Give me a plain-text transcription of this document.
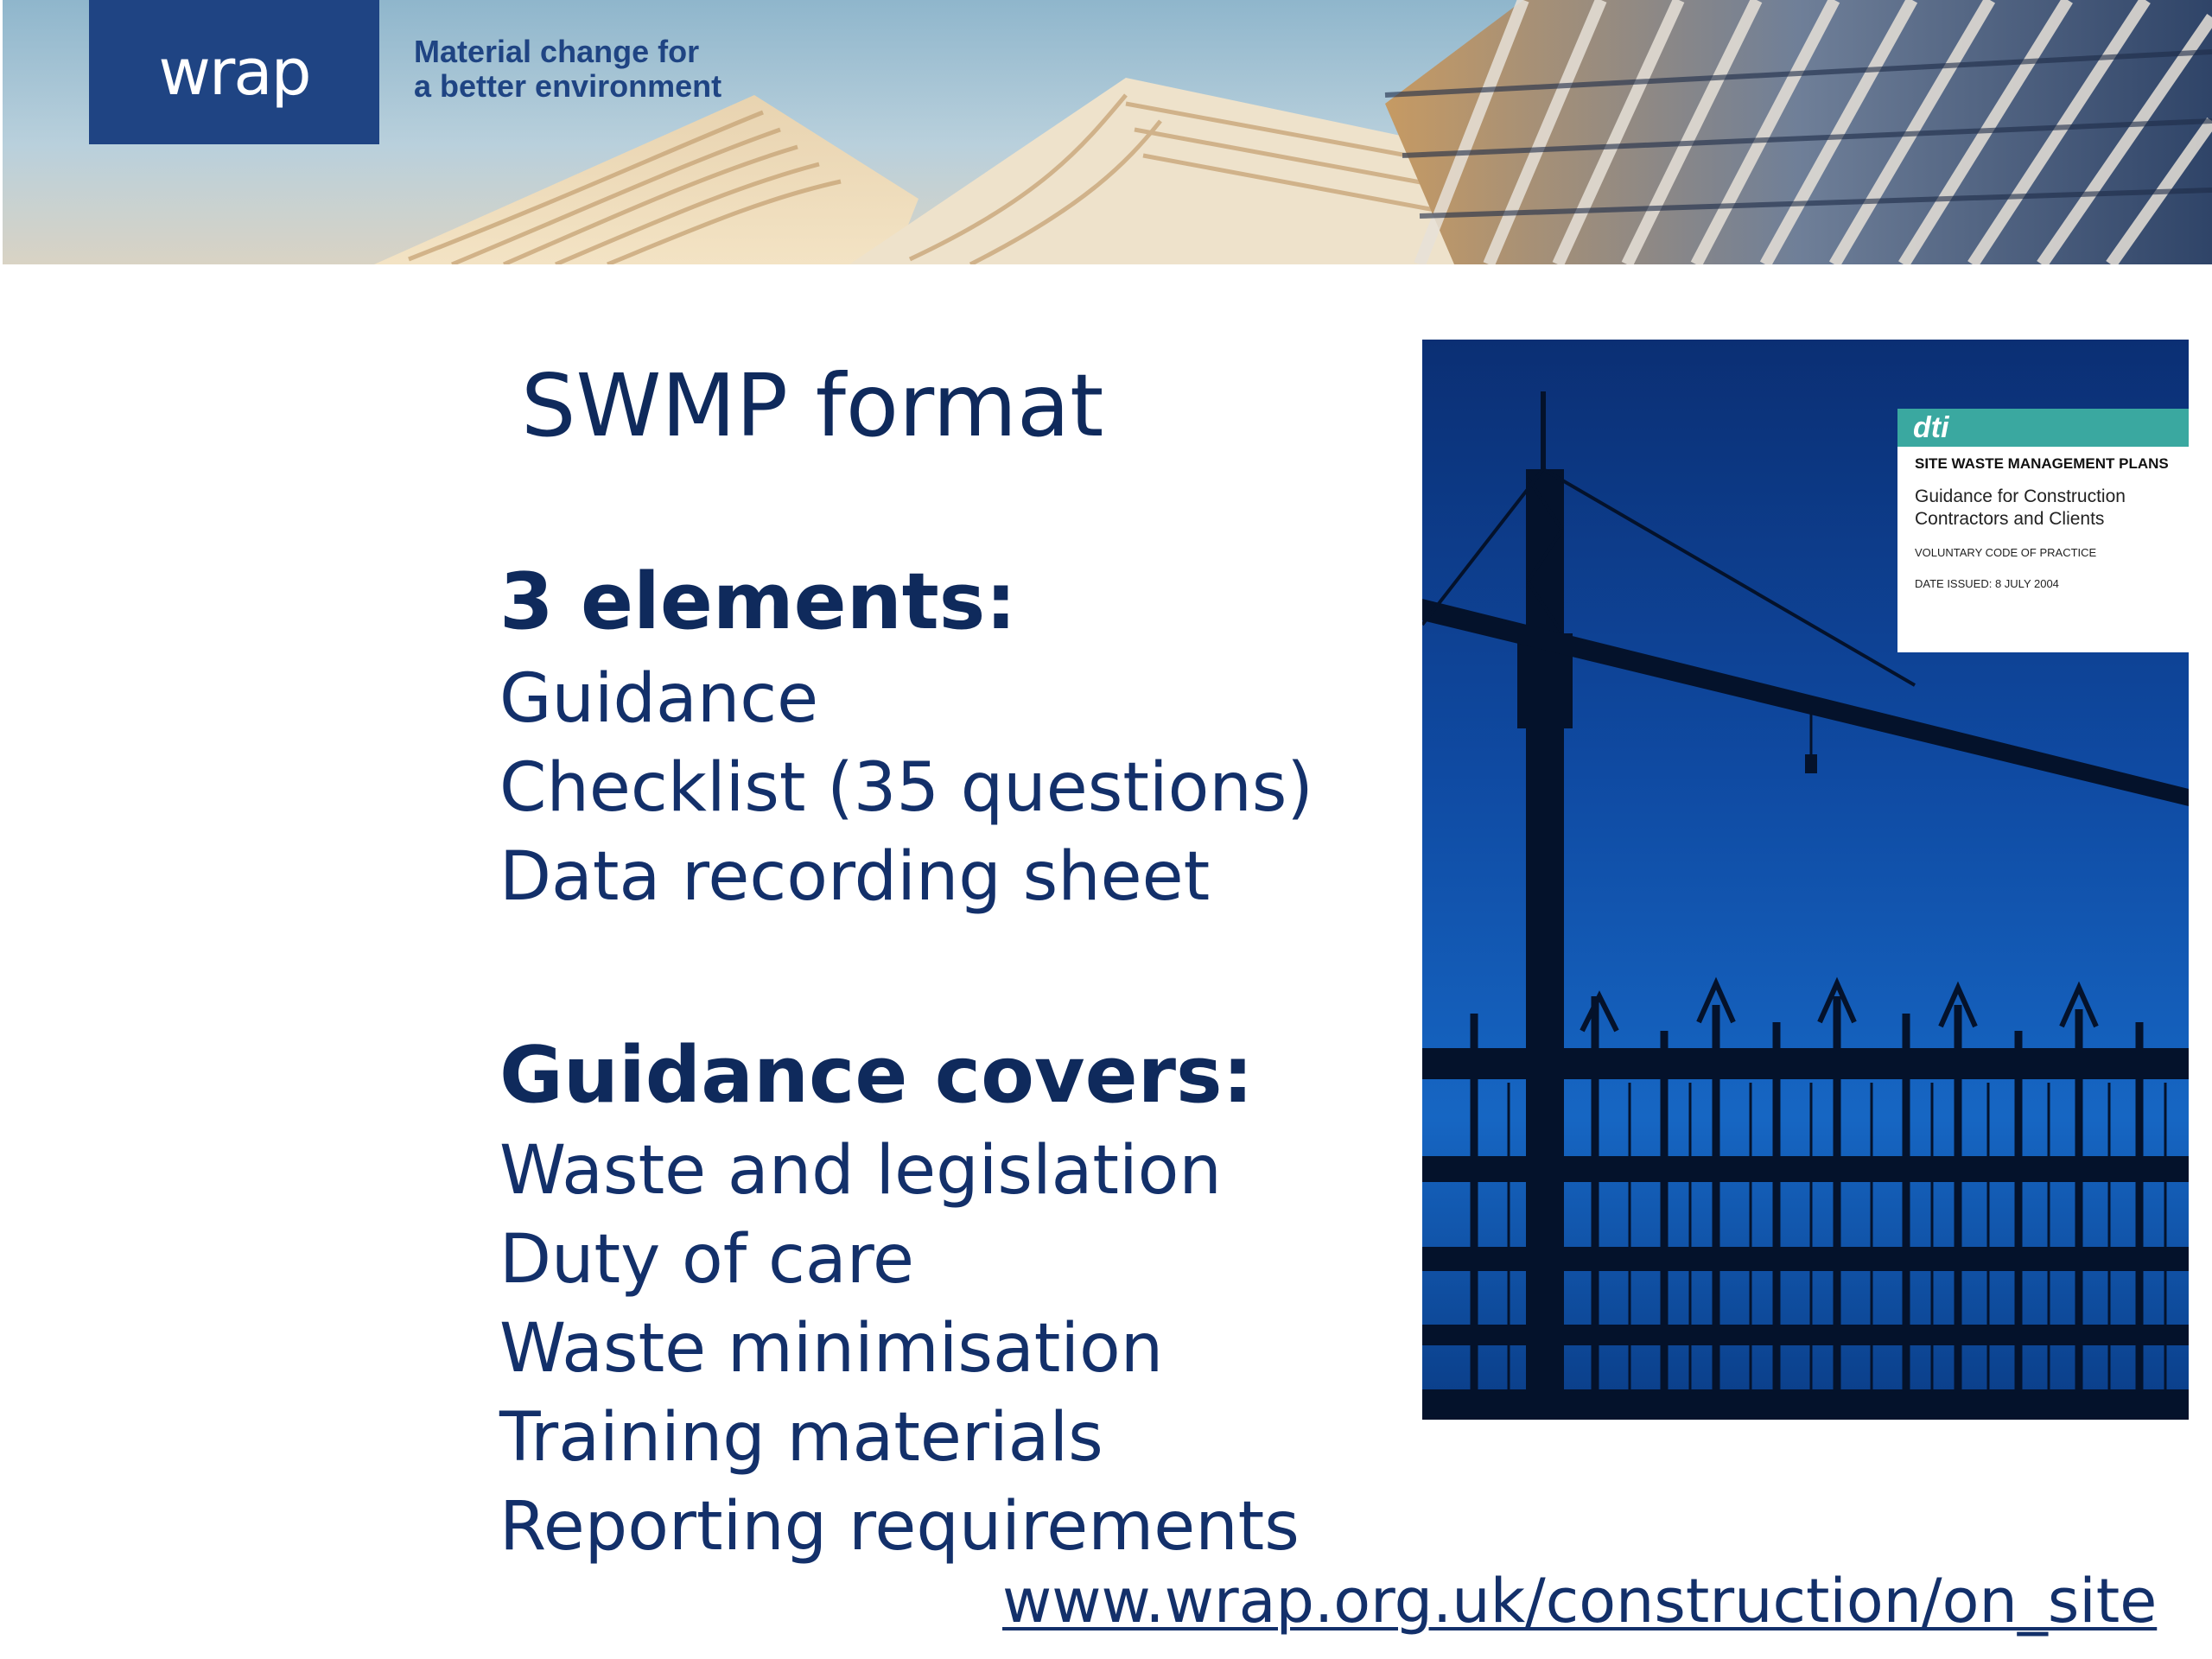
wrap	Material change for
a better environment
SWMP format
3 elements:
Guidance
Checklist (35 questions)
Data recording sheet
Guidance covers:
Waste and legislation
Duty of care
Waste minimisation
Training materials
Reporting requirements
dti
SITE WASTE MANAGEMENT PLANS
Guidance for Construction Contractors and Clients
VOLUNTARY CODE OF PRACTICE
DATE ISSUED: 8 JULY 2004
www.wrap.org.uk/construction/on_site
